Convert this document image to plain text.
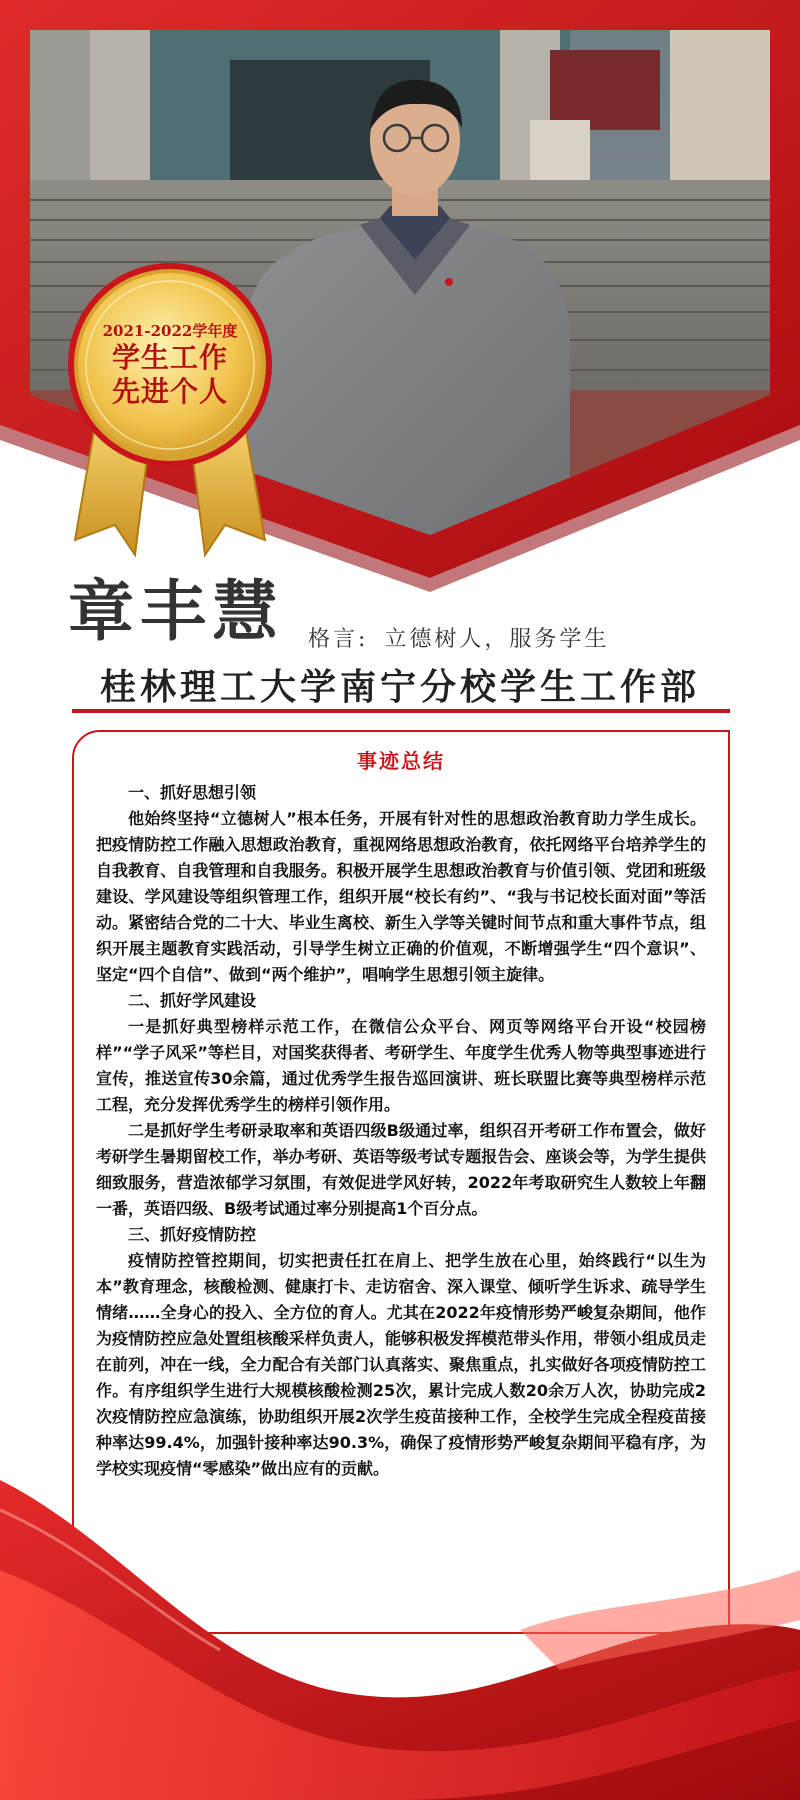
2021-2022学年度
学生工作
先进个人
章丰慧 格言: 立德树人，服务学生
桂林理工大学南宁分校学生工作部
事迹总结
一、抓好思想引领

他始终坚持“立德树人”根本任务，开展有针对性的思想政治教育助力学生成长。把疫情防控工作融入思想政治教育，重视网络思想政治教育，依托网络平台培养学生的自我教育、自我管理和自我服务。积极开展学生思想政治教育与价值引领、党团和班级建设、学风建设等组织管理工作，组织开展“校长有约”、“我与书记校长面对面”等活动。紧密结合党的二十大、毕业生离校、新生入学等关键时间节点和重大事件节点，组织开展主题教育实践活动，引导学生树立正确的价值观，不断增强学生“四个意识”、坚定“四个自信”、做到“两个维护”，唱响学生思想引领主旋律。

二、抓好学风建设

一是抓好典型榜样示范工作，在微信公众平台、网页等网络平台开设“校园榜样”“学子风采”等栏目，对国奖获得者、考研学生、年度学生优秀人物等典型事迹进行宣传，推送宣传30余篇，通过优秀学生报告巡回演讲、班长联盟比赛等典型榜样示范工程，充分发挥优秀学生的榜样引领作用。

二是抓好学生考研录取率和英语四级B级通过率，组织召开考研工作布置会，做好考研学生暑期留校工作，举办考研、英语等级考试专题报告会、座谈会等，为学生提供细致服务，营造浓郁学习氛围，有效促进学风好转，2022年考取研究生人数较上年翻一番，英语四级、B级考试通过率分别提高1个百分点。

三、抓好疫情防控

疫情防控管控期间，切实把责任扛在肩上、把学生放在心里，始终践行“以生为本”教育理念，核酸检测、健康打卡、走访宿舍、深入课堂、倾听学生诉求、疏导学生情绪……全身心的投入、全方位的育人。尤其在2022年疫情形势严峻复杂期间，他作为疫情防控应急处置组核酸采样负责人，能够积极发挥模范带头作用，带领小组成员走在前列，冲在一线，全力配合有关部门认真落实、聚焦重点，扎实做好各项疫情防控工作。有序组织学生进行大规模核酸检测25次，累计完成人数20余万人次，协助完成2次疫情防控应急演练，协助组织开展2次学生疫苗接种工作，全校学生完成全程疫苗接种率达99.4%，加强针接种率达90.3%，确保了疫情形势严峻复杂期间平稳有序，为学校实现疫情“零感染”做出应有的贡献。
